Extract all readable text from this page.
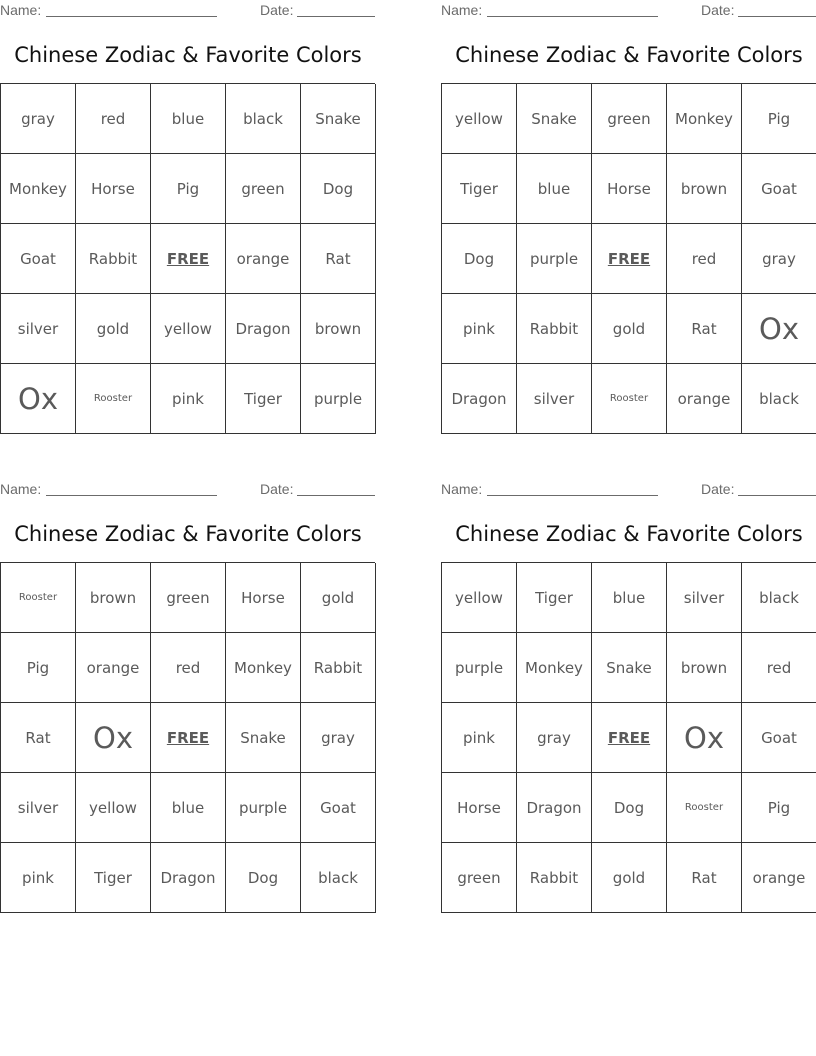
Name:	Date:
Chinese Zodiac & Favorite Colors
gray	red	blue	black	Snake
Monkey	Horse	Pig	green	Dog
Goat	Rabbit	FREE	orange	Rat
silver	gold	yellow	Dragon	brown
Ox	Rooster	pink	Tiger	purple
Name:	Date:
Chinese Zodiac & Favorite Colors
yellow	Snake	green	Monkey	Pig
Tiger	blue	Horse	brown	Goat
Dog	purple	FREE	red	gray
pink	Rabbit	gold	Rat	Ox
Dragon	silver	Rooster	orange	black
Name:	Date:
Chinese Zodiac & Favorite Colors
Rooster	brown	green	Horse	gold
Pig	orange	red	Monkey	Rabbit
Rat	Ox	FREE	Snake	gray
silver	yellow	blue	purple	Goat
pink	Tiger	Dragon	Dog	black
Name:	Date:
Chinese Zodiac & Favorite Colors
yellow	Tiger	blue	silver	black
purple	Monkey	Snake	brown	red
pink	gray	FREE	Ox	Goat
Horse	Dragon	Dog	Rooster	Pig
green	Rabbit	gold	Rat	orange
